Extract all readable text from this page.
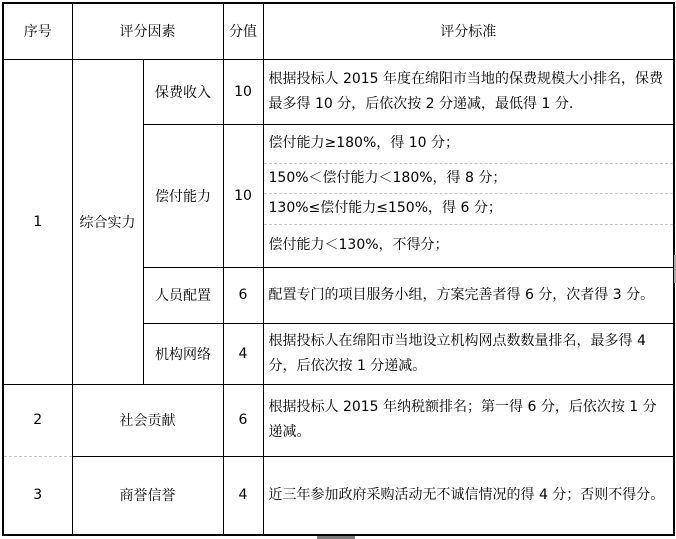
序号	评分因素		分值	评分标准
1	综合实力	保费收入	10	根据投标人 2015 年度在绵阳市当地的保费规模大小排名，保费最多得 10 分，后依次按 2 分递减，最低得 1 分.
		偿付能力	10	偿付能力≥180%，得 10 分；
				150%＜偿付能力＜180%，得 8 分；
				130%≤偿付能力≤150%，得 6 分；
				偿付能力＜130%，不得分；
		人员配置	6	配置专门的项目服务小组，方案完善者得 6 分，次者得 3 分。
		机构网络	4	根据投标人在绵阳市当地设立机构网点数数量排名，最多得 4 分，后依次按 1 分递减。
2	社会贡献		6	根据投标人 2015 年纳税额排名；第一得 6 分，后依次按 1 分递减。
3	商誉信誉		4	近三年参加政府采购活动无不诚信情况的得 4 分；否则不得分。
